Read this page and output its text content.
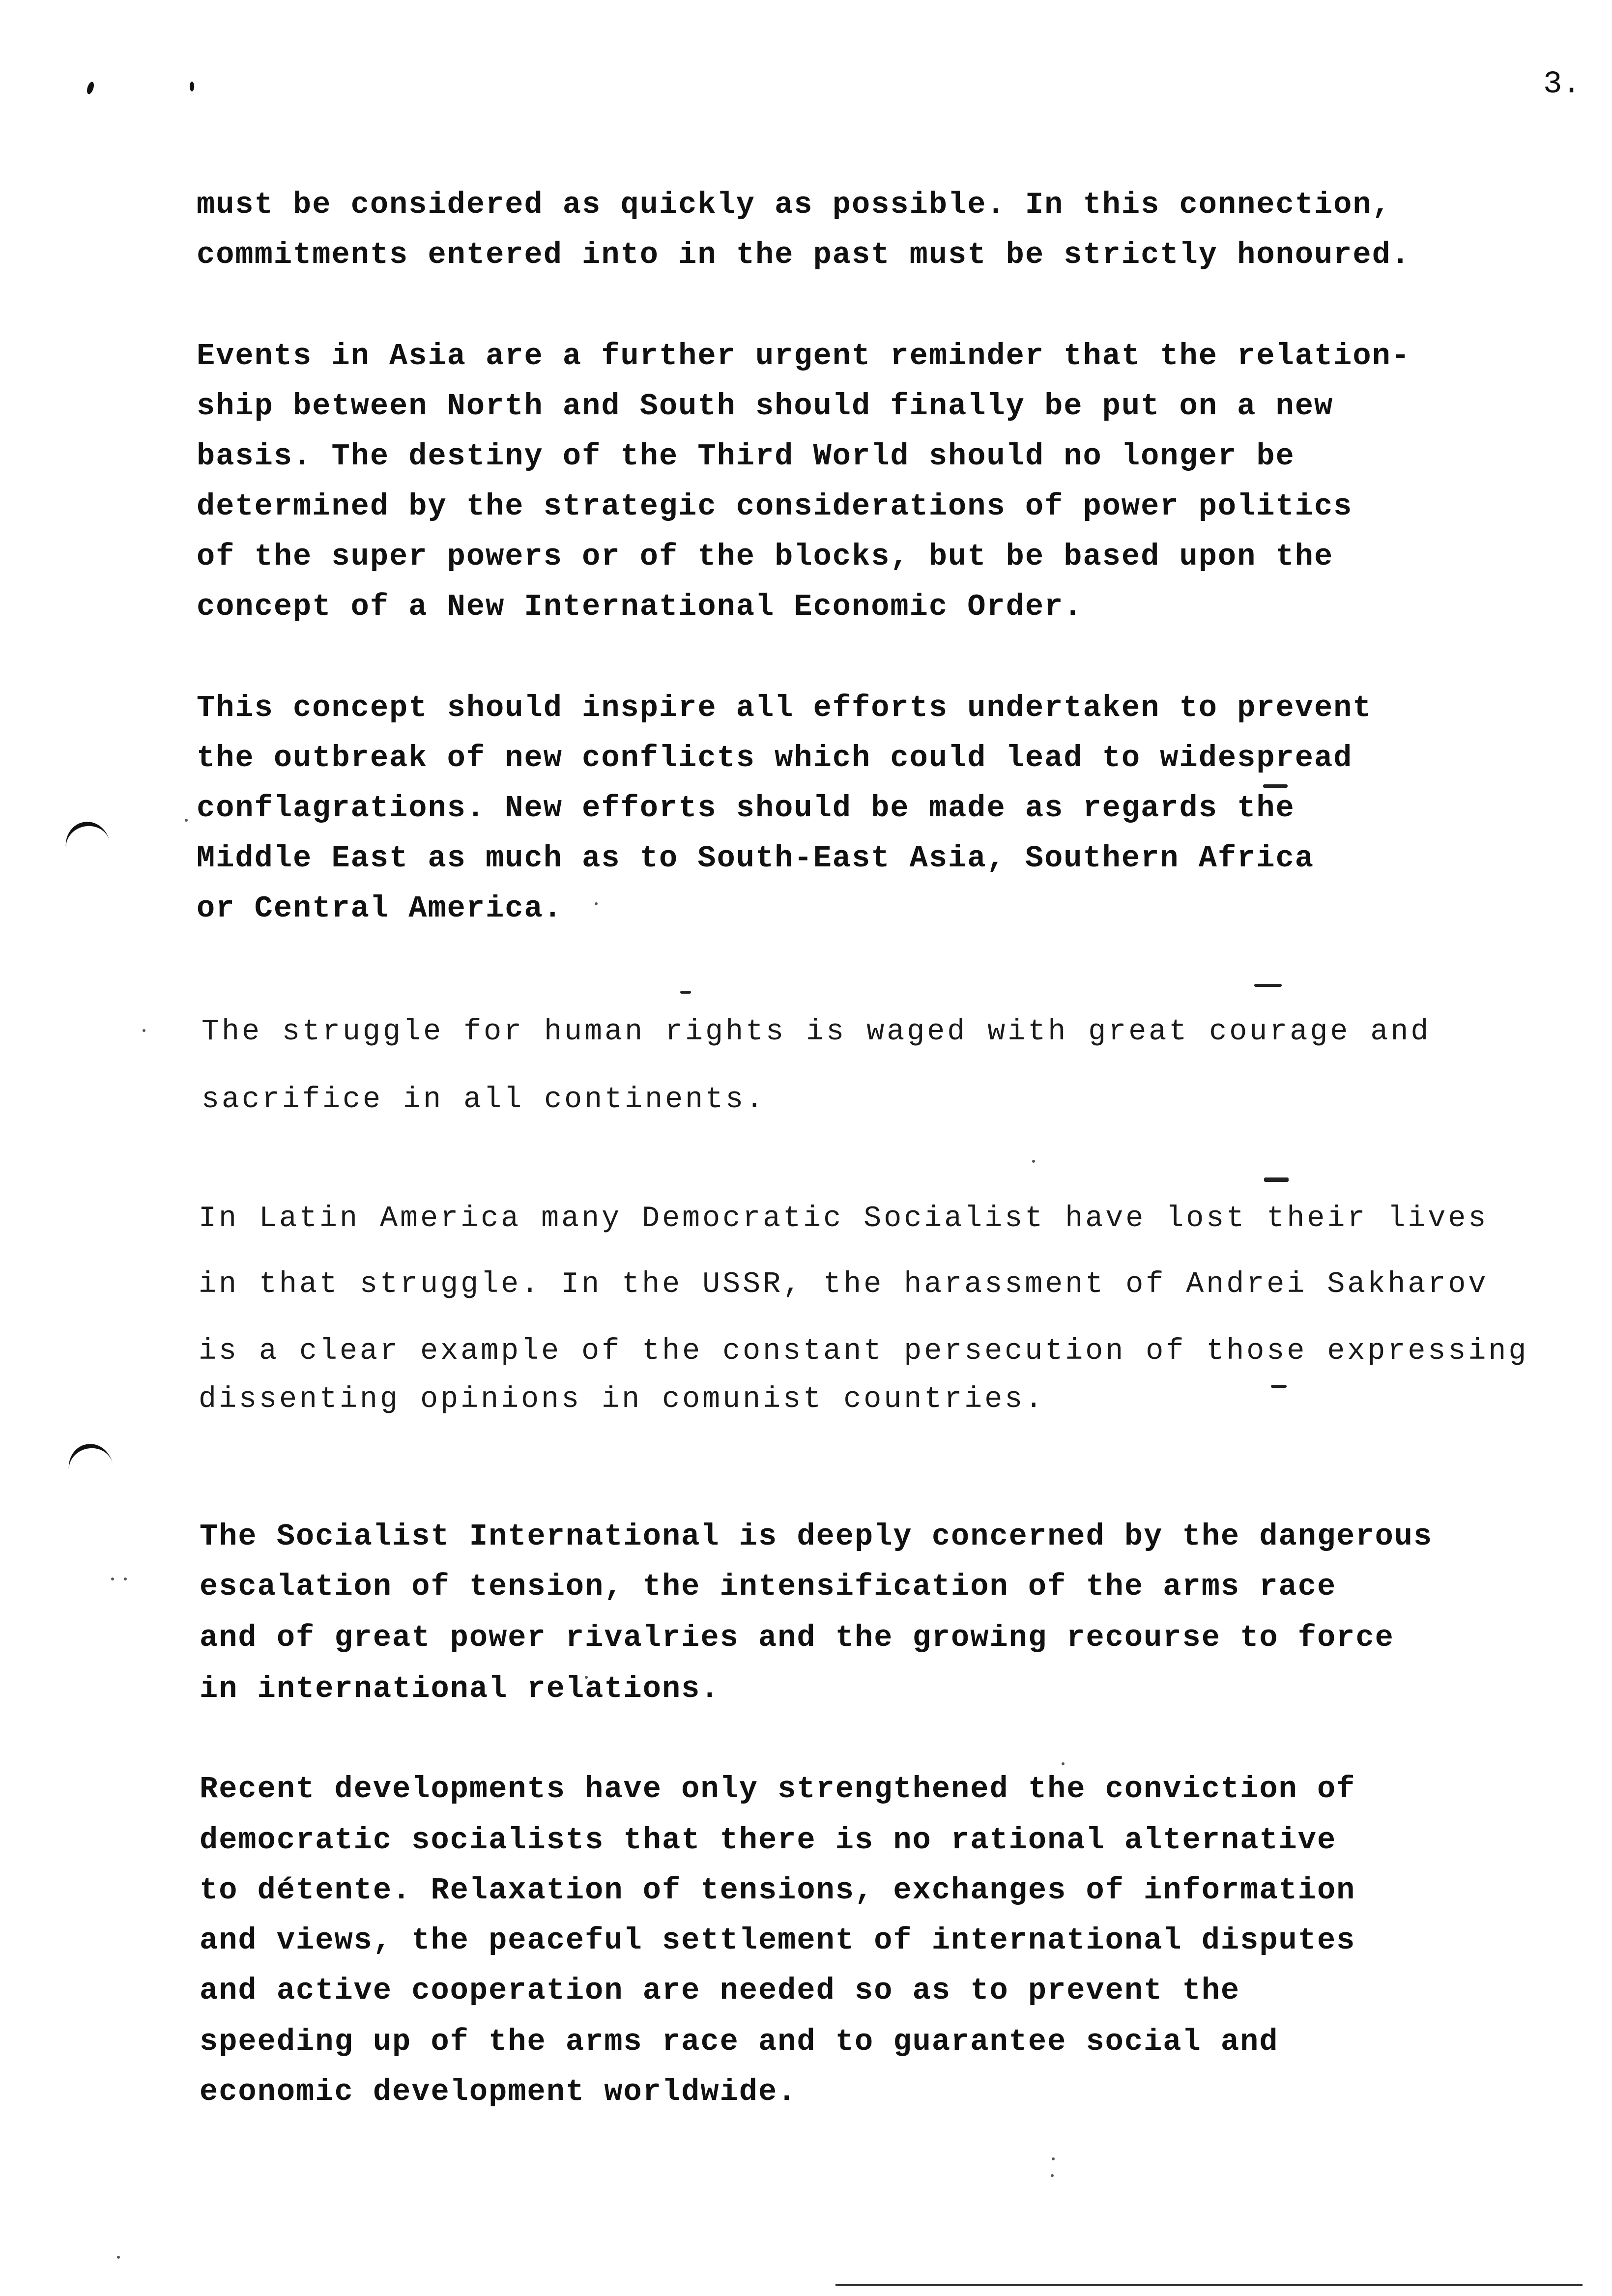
3.
must be considered as quickly as possible. In this connection,
commitments entered into in the past must be strictly honoured.
Events in Asia are a further urgent reminder that the relation-
ship between North and South should finally be put on a new
basis. The destiny of the Third World should no longer be
determined by the strategic considerations of power politics
of the super powers or of the blocks, but be based upon the
concept of a New International Economic Order.
This concept should inspire all efforts undertaken to prevent
the outbreak of new conflicts which could lead to widespread
conflagrations. New efforts should be made as regards the
Middle East as much as to South-East Asia, Southern Africa
or Central America.
The struggle for human rights is waged with great courage and
sacrifice in all continents.
In Latin America many Democratic Socialist have lost their lives
in that struggle. In the USSR, the harassment of Andrei Sakharov
is a clear example of the constant persecution of those expressing
dissenting opinions in comunist countries.
The Socialist International is deeply concerned by the dangerous
escalation of tension, the intensification of the arms race
and of great power rivalries and the growing recourse to force
in international relations.
Recent developments have only strengthened the conviction of
democratic socialists that there is no rational alternative
to détente. Relaxation of tensions, exchanges of information
and views, the peaceful settlement of international disputes
and active cooperation are needed so as to prevent the
speeding up of the arms race and to guarantee social and
economic development worldwide.
